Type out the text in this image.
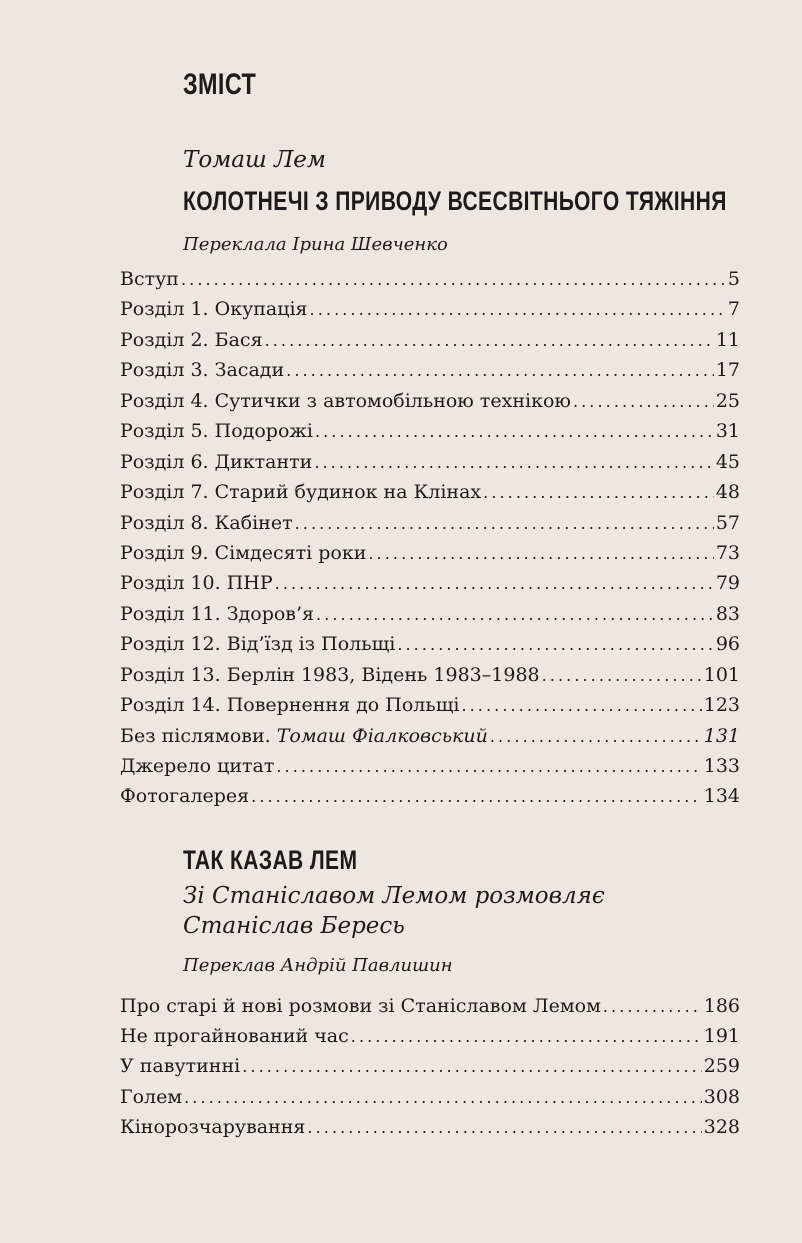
ЗМІСТ
Томаш Лем
КОЛОТНЕЧІ З ПРИВОДУ ВСЕСВІТНЬОГО ТЯЖІННЯ
Переклала Ірина Шевченко
Вступ . . .	5
Розділ 1. Окупація . . .	7
Розділ 2. Бася . . .	11
Розділ 3. Засади . . .	17
Розділ 4. Сутички з автомобільною технікою . . .	25
Розділ 5. Подорожі . . .	31
Розділ 6. Диктанти . . .	45
Розділ 7. Старий будинок на Клінах . . .	48
Розділ 8. Кабінет . . .	57
Розділ 9. Сімдесяті роки . . .	73
Розділ 10. ПНР . . .	79
Розділ 11. Здоров’я . . .	83
Розділ 12. Від’їзд із Польщі . . .	96
Розділ 13. Берлін 1983, Відень 1983–1988 . . .	101
Розділ 14. Повернення до Польщі . . .	123
Без післямови. Томаш Фіалковський . . .	131
Джерело цитат . . .	133
Фотогалерея . . .	134
ТАК КАЗАВ ЛЕМ
Зі Станіславом Лемом розмовляє
Станіслав Бересь
Переклав Андрій Павлишин
Про старі й нові розмови зі Станіславом Лемом . . .	186
Не прогайнований час . . .	191
У павутинні . . .	259
Голем . . .	308
Кінорозчарування . . .	328
